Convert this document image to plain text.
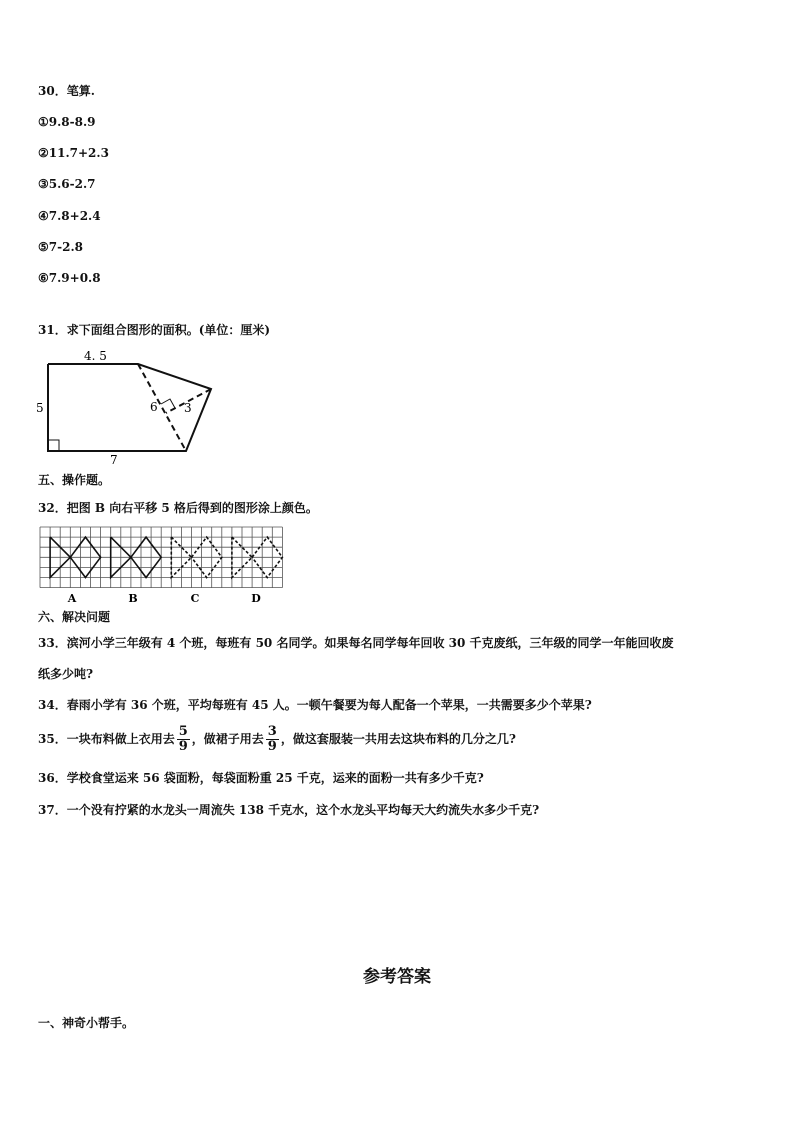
30．笔算.
①9.8-8.9
②11.7+2.3
③5.6-2.7
④7.8+2.4
⑤7-2.8
⑥7.9+0.8
31．求下面组合图形的面积。(单位：厘米)
4. 5
5
7
6 3
五、操作题。
32．把图 B 向右平移 5 格后得到的图形涂上颜色。
A	B	C	D
六、解决问题
33．滨河小学三年级有 4 个班，每班有 50 名同学。如果每名同学每年回收 30 千克废纸，三年级的同学一年能回收废
纸多少吨?
34．春雨小学有 36 个班，平均每班有 45 人。一顿午餐要为每人配备一个苹果，一共需要多少个苹果?
35．一块布料做上衣用去 $\frac{5}{9}$ ，做裙子用去 $\frac{3}{9}$ ，做这套服装一共用去这块布料的几分之几?
36．学校食堂运来 56 袋面粉，每袋面粉重 25 千克，运来的面粉一共有多少千克?
37．一个没有拧紧的水龙头一周流失 138 千克水，这个水龙头平均每天大约流失水多少千克?
参考答案
一、神奇小帮手。
